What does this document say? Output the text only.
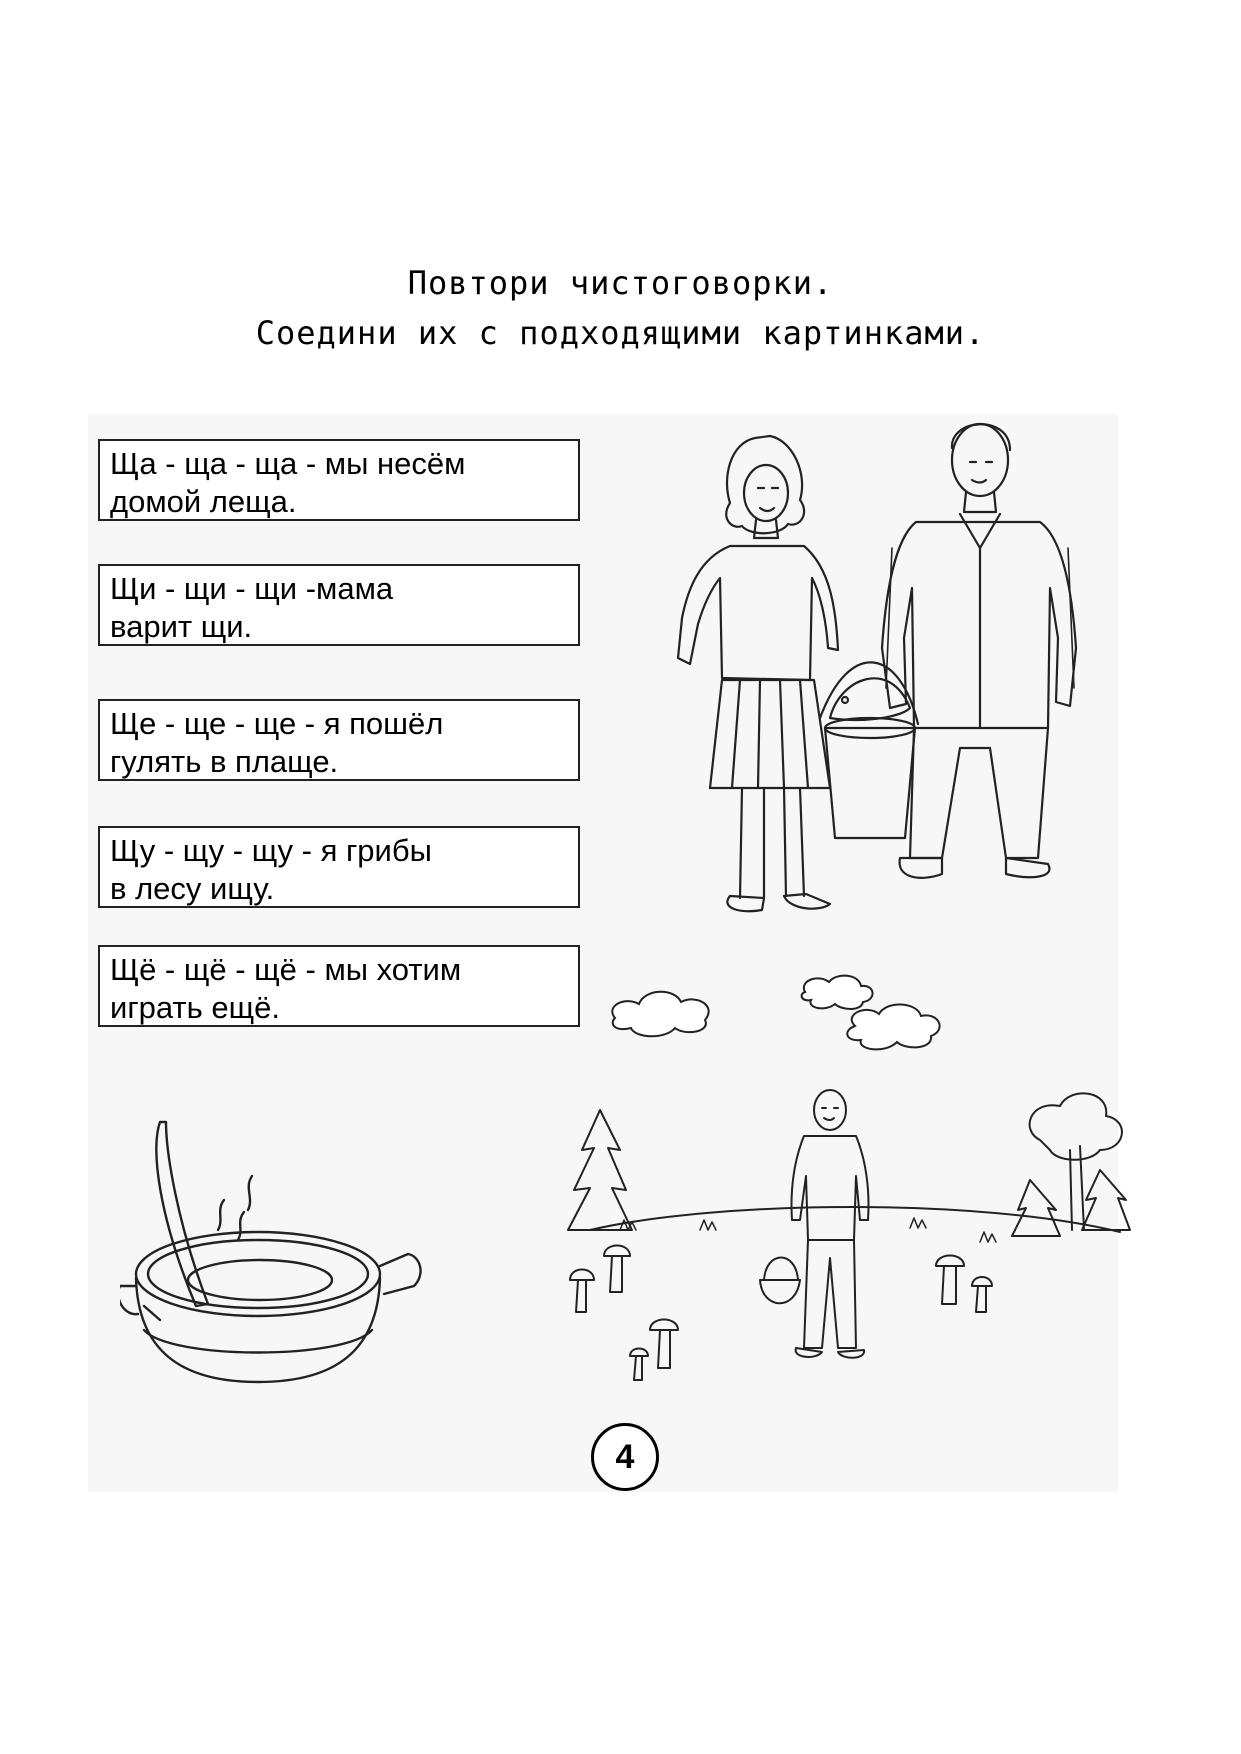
Повтори чистоговорки.
Соедини их с подходящими картинками.
Ща - ща - ща - мы несём
домой леща.
Щи - щи - щи -мама
варит щи.
Ще - ще - ще - я пошёл
гулять в плаще.
Щу - щу - щу - я грибы
в лесу ищу.
Щё - щё - щё - мы хотим
играть ещё.
4
